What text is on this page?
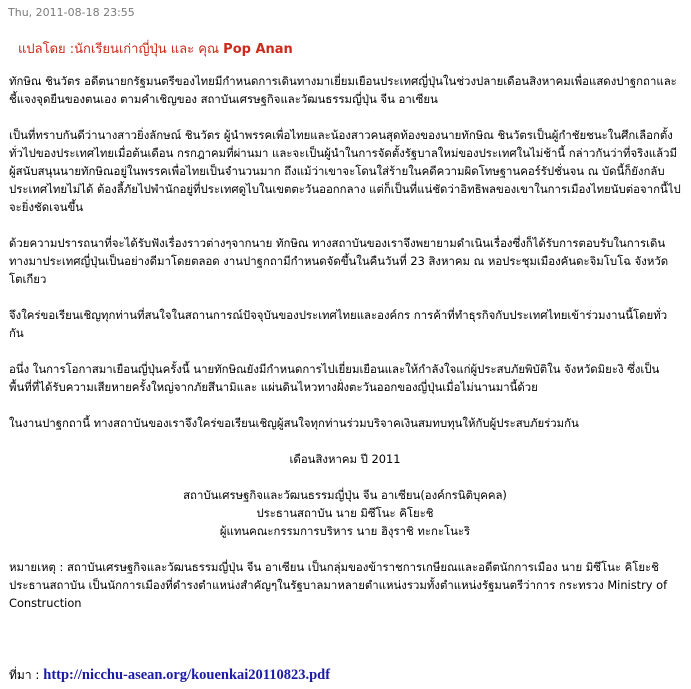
Thu, 2011-08-18 23:55
แปลโดย :นักเรียนเก่าญี่ปุ่น และ คุณ Pop Anan

ทักษิณ ชินวัตร อดีตนายกรัฐมนตรีของไทยมีกำหนดการเดินทางมาเยี่ยมเยือนประเทศญี่ปุ่นในช่วงปลายเดือนสิงหาคมเพื่อแสดงปาฐกถาและชี้แจงจุดยืนของตนเอง ตามคำเชิญของ สถาบันเศรษฐกิจและวัฒนธรรมญี่ปุ่น จีน อาเซียน

เป็นที่ทราบกันดีว่านางสาวยิ่งลักษณ์ ชินวัตร ผู้นำพรรคเพื่อไทยและน้องสาวคนสุดท้องของนายทักษิณ ชินวัตรเป็นผู้กำชัยชนะในศึกเลือกตั้งทั่วไปของประเทศไทยเมื่อต้นเดือน กรกฎาคมที่ผ่านมา และจะเป็นผู้นำในการจัดตั้งรัฐบาลใหม่ของประเทศในไม่ช้านี้ กล่าวกันว่าที่จริงแล้วมีผู้สนับสนุนนายทักษิณอยู่ในพรรคเพื่อไทยเป็นจำนวนมาก ถึงแม้ว่าเขาจะโดนใส่ร้ายในคดีความผิดโทษฐานคอร์รัปชั่นจน ณ บัดนี้ก็ยังกลับประเทศไทยไม่ได้ ต้องลี้ภัยไปพำนักอยู่ที่ประเทศดูไบในเขตตะวันออกกลาง แต่ก็เป็นที่แน่ชัดว่าอิทธิพลของเขาในการเมืองไทยนับต่อจากนี้ไปจะยิ่งชัดเจนขึ้น

ด้วยความปรารถนาที่จะได้รับฟังเรื่องราวต่างๆจากนาย ทักษิณ ทางสถาบันของเราจึงพยายามดำเนินเรื่องซึ่งก็ได้รับการตอบรับในการเดินทางมาประเทศญี่ปุ่นเป็นอย่างดีมาโดยตลอด งานปาฐกถามีกำหนดจัดขึ้นในคืนวันที่ 23 สิงหาคม ณ หอประชุมเมืองคันดะจิมโบโฉ จังหวัดโตเกียว

จึงใคร่ขอเรียนเชิญทุกท่านที่สนใจในสถานการณ์ปัจจุบันของประเทศไทยและองค์กร การค้าที่ทำธุรกิจกับประเทศไทยเข้าร่วมงานนี้โดยทั่วกัน

อนึ่ง ในการโอกาสมาเยือนญี่ปุ่นครั้งนี้ นายทักษิณยังมีกำหนดการไปเยี่ยมเยือนและให้กำลังใจแก่ผู้ประสบภัยพิบัติใน จังหวัดมิยะงิ ซึ่งเป็นพื้นที่ที่ได้รับความเสียหายครั้งใหญ่จากภัยสึนามิและ แผ่นดินไหวทางฝั่งตะวันออกของญี่ปุ่นเมื่อไม่นานมานี้ด้วย

ในงานปาฐกถานี้ ทางสถาบันของเราจึงใคร่ขอเรียนเชิญผู้สนใจทุกท่านร่วมบริจาคเงินสมทบทุนให้กับผู้ประสบภัยร่วมกัน

เดือนสิงหาคม ปี 2011
สถาบันเศรษฐกิจและวัฒนธรรมญี่ปุ่น จีน อาเซียน(องค์กรนิติบุคคล)
ประธานสถาบัน นาย มิซึโนะ คิโยะชิ
ผู้แทนคณะกรรมการบริหาร นาย ฮิงุราชิ ทะกะโนะริ

หมายเหตุ : สถาบันเศรษฐกิจและวัฒนธรรมญี่ปุ่น จีน อาเซียน เป็นกลุ่มของข้าราชการเกษียณและอดีตนักการเมือง นาย มิซึโนะ คิโยะชิ ประธานสถาบัน เป็นนักการเมืองที่ดำรงตำแหน่งสำคัญๆในรัฐบาลมาหลายตำแหน่งรวมทั้งตำแหน่งรัฐมนตรีว่าการ กระทรวง Ministry of Construction

ที่มา : http://nicchu-asean.org/kouenkai20110823.pdf
